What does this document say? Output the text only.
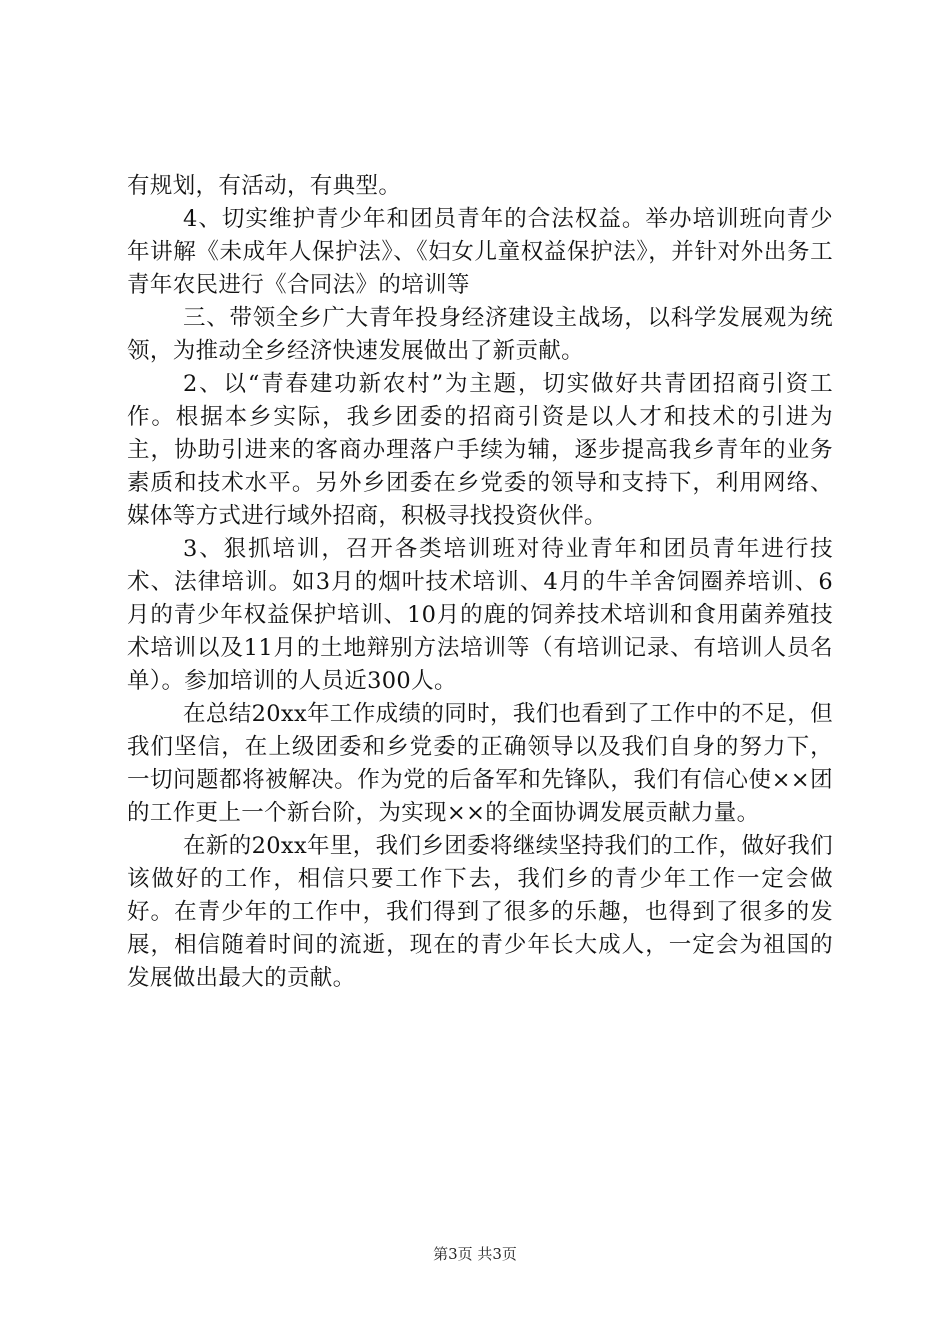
有规划，有活动，有典型。

4、切实维护青少年和团员青年的合法权益。举办培训班向青少年讲解《未成年人保护法》、《妇女儿童权益保护法》，并针对外出务工青年农民进行《合同法》的培训等

三、带领全乡广大青年投身经济建设主战场，以科学发展观为统领，为推动全乡经济快速发展做出了新贡献。

2、以“青春建功新农村”为主题，切实做好共青团招商引资工作。根据本乡实际，我乡团委的招商引资是以人才和技术的引进为主，协助引进来的客商办理落户手续为辅，逐步提高我乡青年的业务素质和技术水平。另外乡团委在乡党委的领导和支持下，利用网络、媒体等方式进行域外招商，积极寻找投资伙伴。

3、狠抓培训，召开各类培训班对待业青年和团员青年进行技术、法律培训。如3月的烟叶技术培训、4月的牛羊舍饲圈养培训、6月的青少年权益保护培训、10月的鹿的饲养技术培训和食用菌养殖技术培训以及11月的土地辩别方法培训等（有培训记录、有培训人员名单）。参加培训的人员近300人。

在总结20xx年工作成绩的同时，我们也看到了工作中的不足，但我们坚信，在上级团委和乡党委的正确领导以及我们自身的努力下，一切问题都将被解决。作为党的后备军和先锋队，我们有信心使××团的工作更上一个新台阶，为实现××的全面协调发展贡献力量。

在新的20xx年里，我们乡团委将继续坚持我们的工作，做好我们该做好的工作，相信只要工作下去，我们乡的青少年工作一定会做好。在青少年的工作中，我们得到了很多的乐趣，也得到了很多的发展，相信随着时间的流逝，现在的青少年长大成人，一定会为祖国的发展做出最大的贡献。

第3页 共3页
